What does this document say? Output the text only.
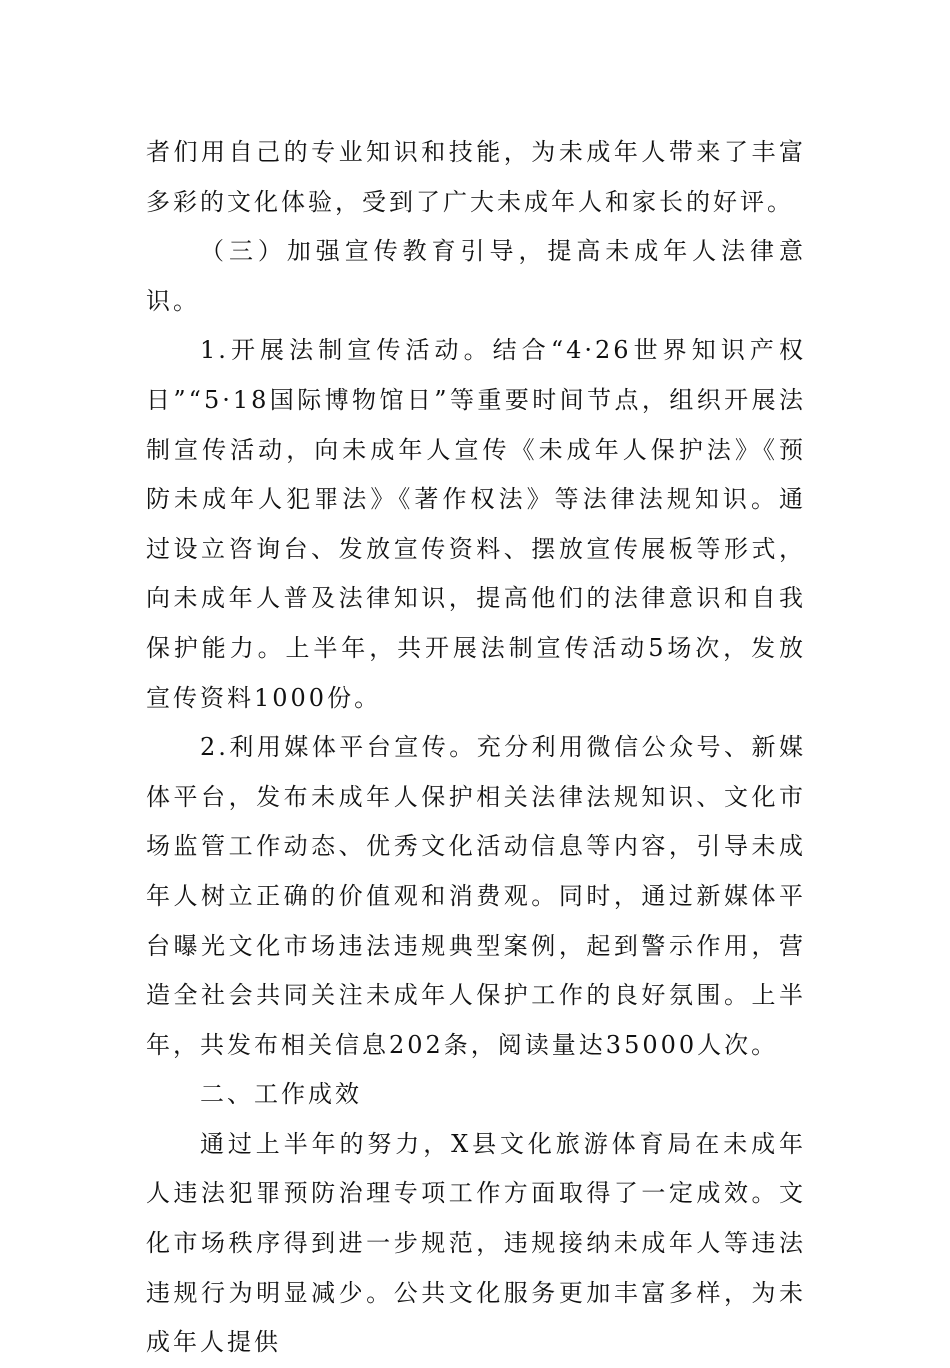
者们用自己的专业知识和技能，为未成年人带来了丰富多彩的文化体验，受到了广大未成年人和家长的好评。

（三）加强宣传教育引导，提高未成年人法律意识。

1.开展法制宣传活动。结合“4·26世界知识产权日”“5·18国际博物馆日”等重要时间节点，组织开展法制宣传活动，向未成年人宣传《未成年人保护法》《预防未成年人犯罪法》《著作权法》等法律法规知识。通过设立咨询台、发放宣传资料、摆放宣传展板等形式，向未成年人普及法律知识，提高他们的法律意识和自我保护能力。上半年，共开展法制宣传活动5场次，发放宣传资料1000份。

2.利用媒体平台宣传。充分利用微信公众号、新媒体平台，发布未成年人保护相关法律法规知识、文化市场监管工作动态、优秀文化活动信息等内容，引导未成年人树立正确的价值观和消费观。同时，通过新媒体平台曝光文化市场违法违规典型案例，起到警示作用，营造全社会共同关注未成年人保护工作的良好氛围。上半年，共发布相关信息202条，阅读量达35000人次。

二、工作成效

通过上半年的努力，X县文化旅游体育局在未成年人违法犯罪预防治理专项工作方面取得了一定成效。文化市场秩序得到进一步规范，违规接纳未成年人等违法违规行为明显减少。公共文化服务更加丰富多样，为未成年人提供
